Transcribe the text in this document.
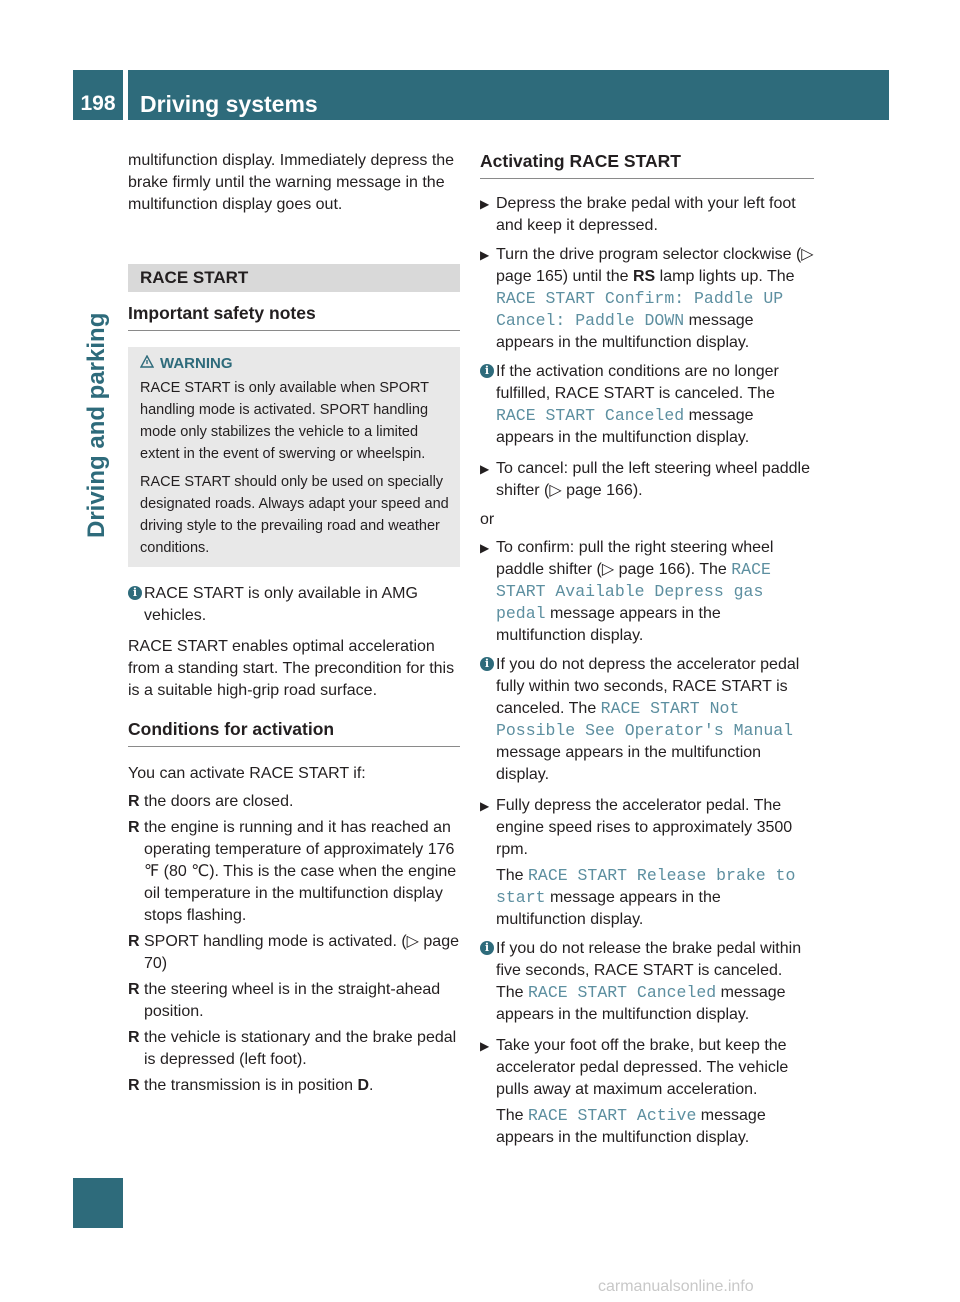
198	Driving systems
Driving and parking

multifunction display. Immediately depress the brake firmly until the warning message in the multifunction display goes out.

RACE START
Important safety notes
WARNING

RACE START is only available when SPORT handling mode is activated. SPORT handling mode only stabilizes the vehicle to a limited extent in the event of swerving or wheelspin.

RACE START should only be used on specially designated roads. Always adapt your speed and driving style to the prevailing road and weather conditions.

i RACE START is only available in AMG vehicles.

RACE START enables optimal acceleration from a standing start. The precondition for this is a suitable high-grip road surface.

Conditions for activation

You can activate RACE START if:

R the doors are closed.
R the engine is running and it has reached an operating temperature of approximately 176 ℉ (80 ℃). This is the case when the engine oil temperature in the multifunction display stops flashing.
R SPORT handling mode is activated. (▷ page 70)
R the steering wheel is in the straight-ahead position.
R the vehicle is stationary and the brake pedal is depressed (left foot).
R the transmission is in position D.
Activating RACE START
▶ Depress the brake pedal with your left foot and keep it depressed.
▶ Turn the drive program selector clockwise (▷ page 165) until the RS lamp lights up. The RACE START Confirm: Paddle UP Cancel: Paddle DOWN message appears in the multifunction display.
i If the activation conditions are no longer fulfilled, RACE START is canceled. The RACE START Canceled message appears in the multifunction display.
▶ To cancel: pull the left steering wheel paddle shifter (▷ page 166).

or

▶ To confirm: pull the right steering wheel paddle shifter (▷ page 166). The RACE START Available Depress gas pedal message appears in the multifunction display.
i If you do not depress the accelerator pedal fully within two seconds, RACE START is canceled. The RACE START Not Possible See Operator's Manual message appears in the multifunction display.
▶ Fully depress the accelerator pedal. The engine speed rises to approximately 3500 rpm.

The RACE START Release brake to start message appears in the multifunction display.

i If you do not release the brake pedal within five seconds, RACE START is canceled. The RACE START Canceled message appears in the multifunction display.
▶ Take your foot off the brake, but keep the accelerator pedal depressed. The vehicle pulls away at maximum acceleration.

The RACE START Active message appears in the multifunction display.

carmanualsonline.info
